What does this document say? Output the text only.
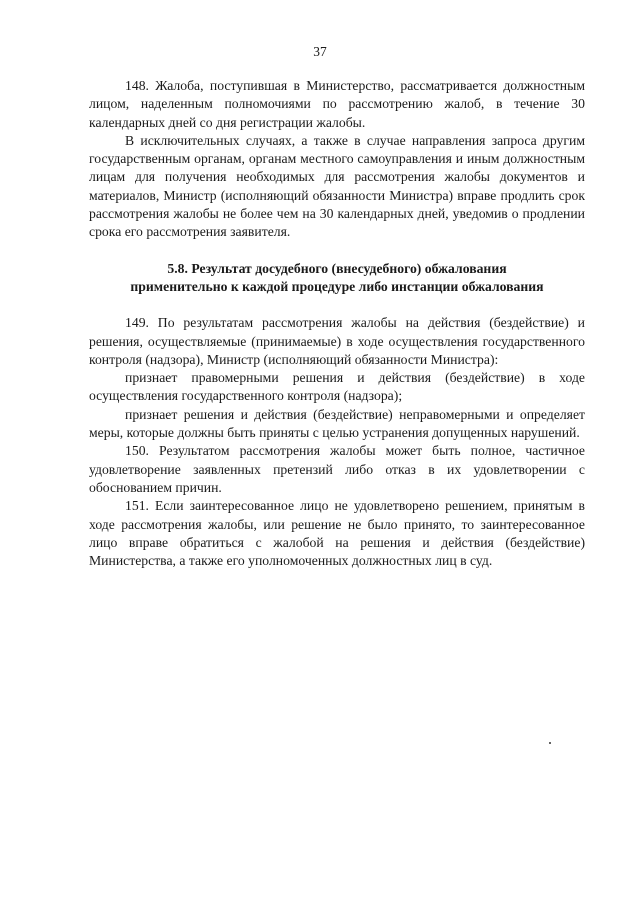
37

148. Жалоба, поступившая в Министерство, рассматривается должностным лицом, наделенным полномочиями по рассмотрению жалоб, в течение 30 календарных дней со дня регистрации жалобы.

В исключительных случаях, а также в случае направления запроса другим государственным органам, органам местного самоуправления и иным должностным лицам для получения необходимых для рассмотрения жалобы документов и материалов, Министр (исполняющий обязанности Министра) вправе продлить срок рассмотрения жалобы не более чем на 30 календарных дней, уведомив о продлении срока его рассмотрения заявителя.

5.8. Результат досудебного (внесудебного) обжалования
применительно к каждой процедуре либо инстанции обжалования

149. По результатам рассмотрения жалобы на действия (бездействие) и решения, осуществляемые (принимаемые) в ходе осуществления государственного контроля (надзора), Министр (исполняющий обязанности Министра):

признает правомерными решения и действия (бездействие) в ходе осуществления государственного контроля (надзора);

признает решения и действия (бездействие) неправомерными и определяет меры, которые должны быть приняты с целью устранения допущенных нарушений.

150. Результатом рассмотрения жалобы может быть полное, частичное удовлетворение заявленных претензий либо отказ в их удовлетворении с обоснованием причин.

151. Если заинтересованное лицо не удовлетворено решением, принятым в ходе рассмотрения жалобы, или решение не было принято, то заинтересованное лицо вправе обратиться с жалобой на решения и действия (бездействие) Министерства, а также его уполномоченных должностных лиц в суд.
